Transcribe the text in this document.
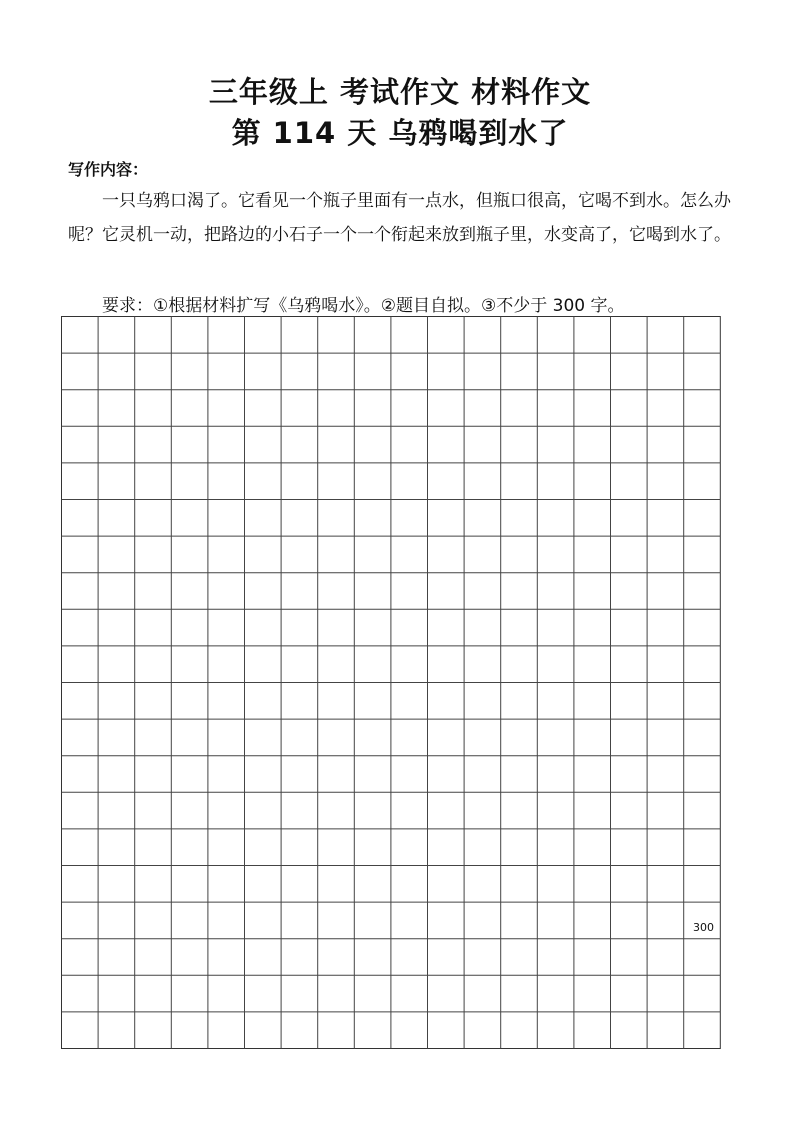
三年级上 考试作文 材料作文
第 114 天 乌鸦喝到水了
写作内容：

一只乌鸦口渴了。它看见一个瓶子里面有一点水，但瓶口很高，它喝不到水。怎么办呢？它灵机一动，把路边的小石子一个一个衔起来放到瓶子里，水变高了，它喝到水了。

要求：①根据材料扩写《乌鸦喝水》。②题目自拟。③不少于 300 字。
300
